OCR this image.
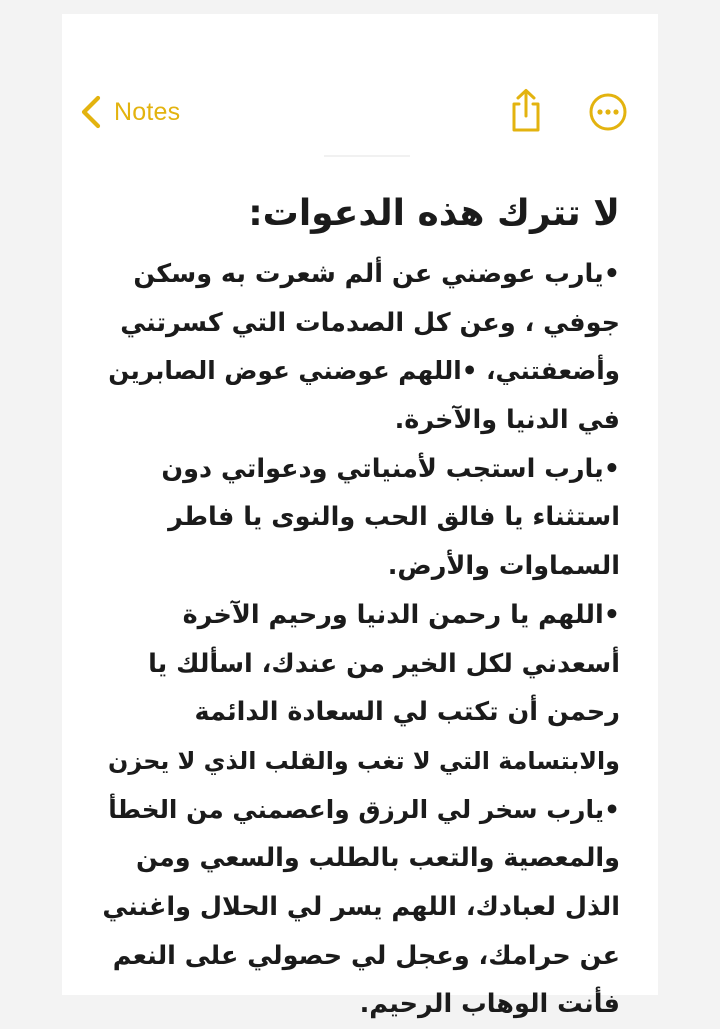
Notes
لا تترك هذه الدعوات:
•يارب عوضني عن ألم شعرت به وسكن
جوفي ، وعن كل الصدمات التي كسرتني
وأضعفتني، •اللهم عوضني عوض الصابرين
في الدنيا والآخرة.
•يارب استجب لأمنياتي ودعواتي دون
استثناء يا فالق الحب والنوى يا فاطر
السماوات والأرض.
•اللهم يا رحمن الدنيا ورحيم الآخرة
أسعدني لكل الخير من عندك، اسألك يا
رحمن أن تكتب لي السعادة الدائمة
والابتسامة التي لا تغب والقلب الذي لا يحزن
•يارب سخر لي الرزق واعصمني من الخطأ
والمعصية والتعب بالطلب والسعي ومن
الذل لعبادك، اللهم يسر لي الحلال واغنني
عن حرامك، وعجل لي حصولي على النعم
فأنت الوهاب الرحيم.
